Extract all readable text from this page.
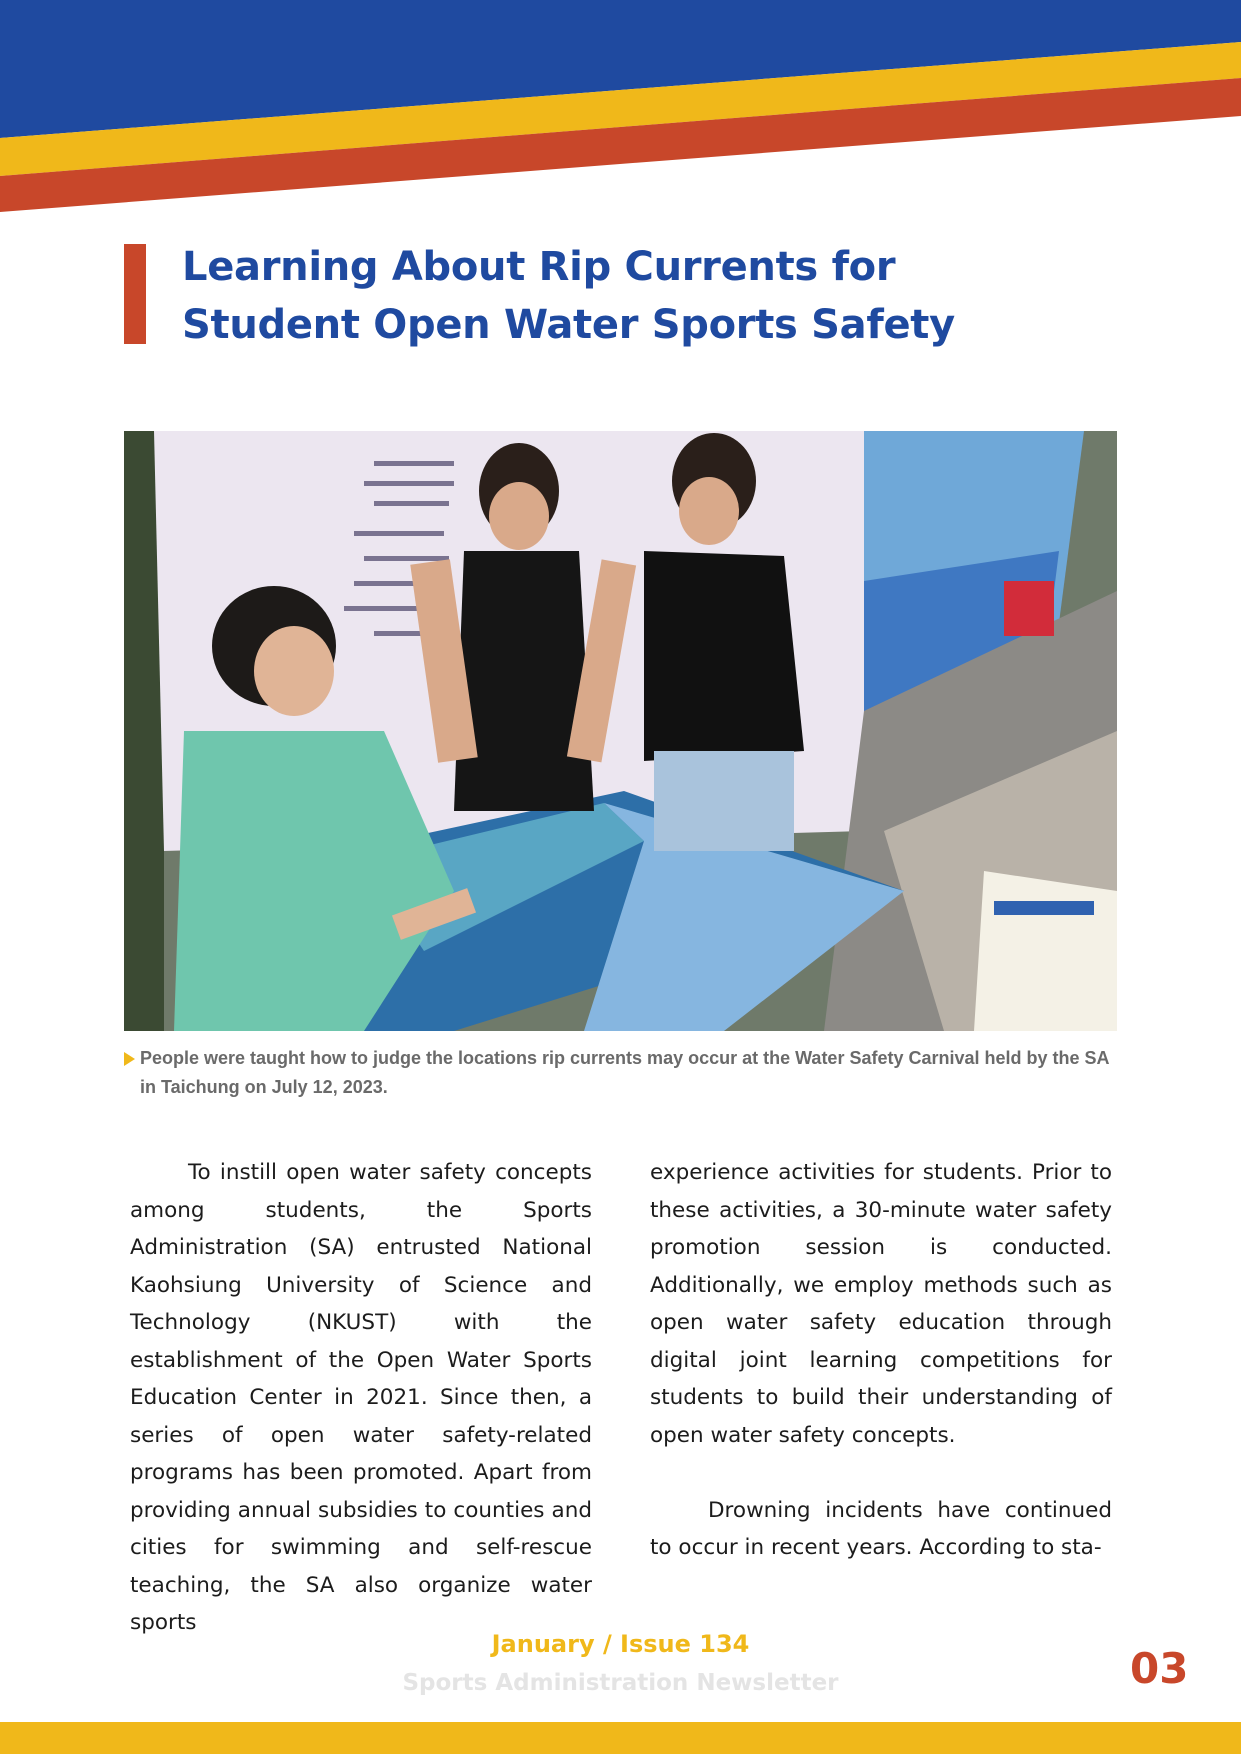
Learning About Rip Currents for
Student Open Water Sports Safety

People were taught how to judge the locations rip currents may occur at the Water Safety Carnival held by the SA in Taichung on July 12, 2023.

To instill open water safety concepts among students, the Sports Administration (SA) entrusted National Kaohsiung University of Science and Technology (NKUST) with the establishment of the Open Water Sports Education Center in 2021. Since then, a series of open water safety-related programs has been promoted. Apart from providing annual subsidies to counties and cities for swimming and self-rescue teaching, the SA also organize water sports

experience activities for students. Prior to these activities, a 30-minute water safety promotion session is conducted. Additionally, we employ methods such as open water safety education through digital joint learning competitions for students to build their understanding of open water safety concepts.

Drowning incidents have continued to occur in recent years. According to sta-

January / Issue 134
Sports Administration Newsletter	03
